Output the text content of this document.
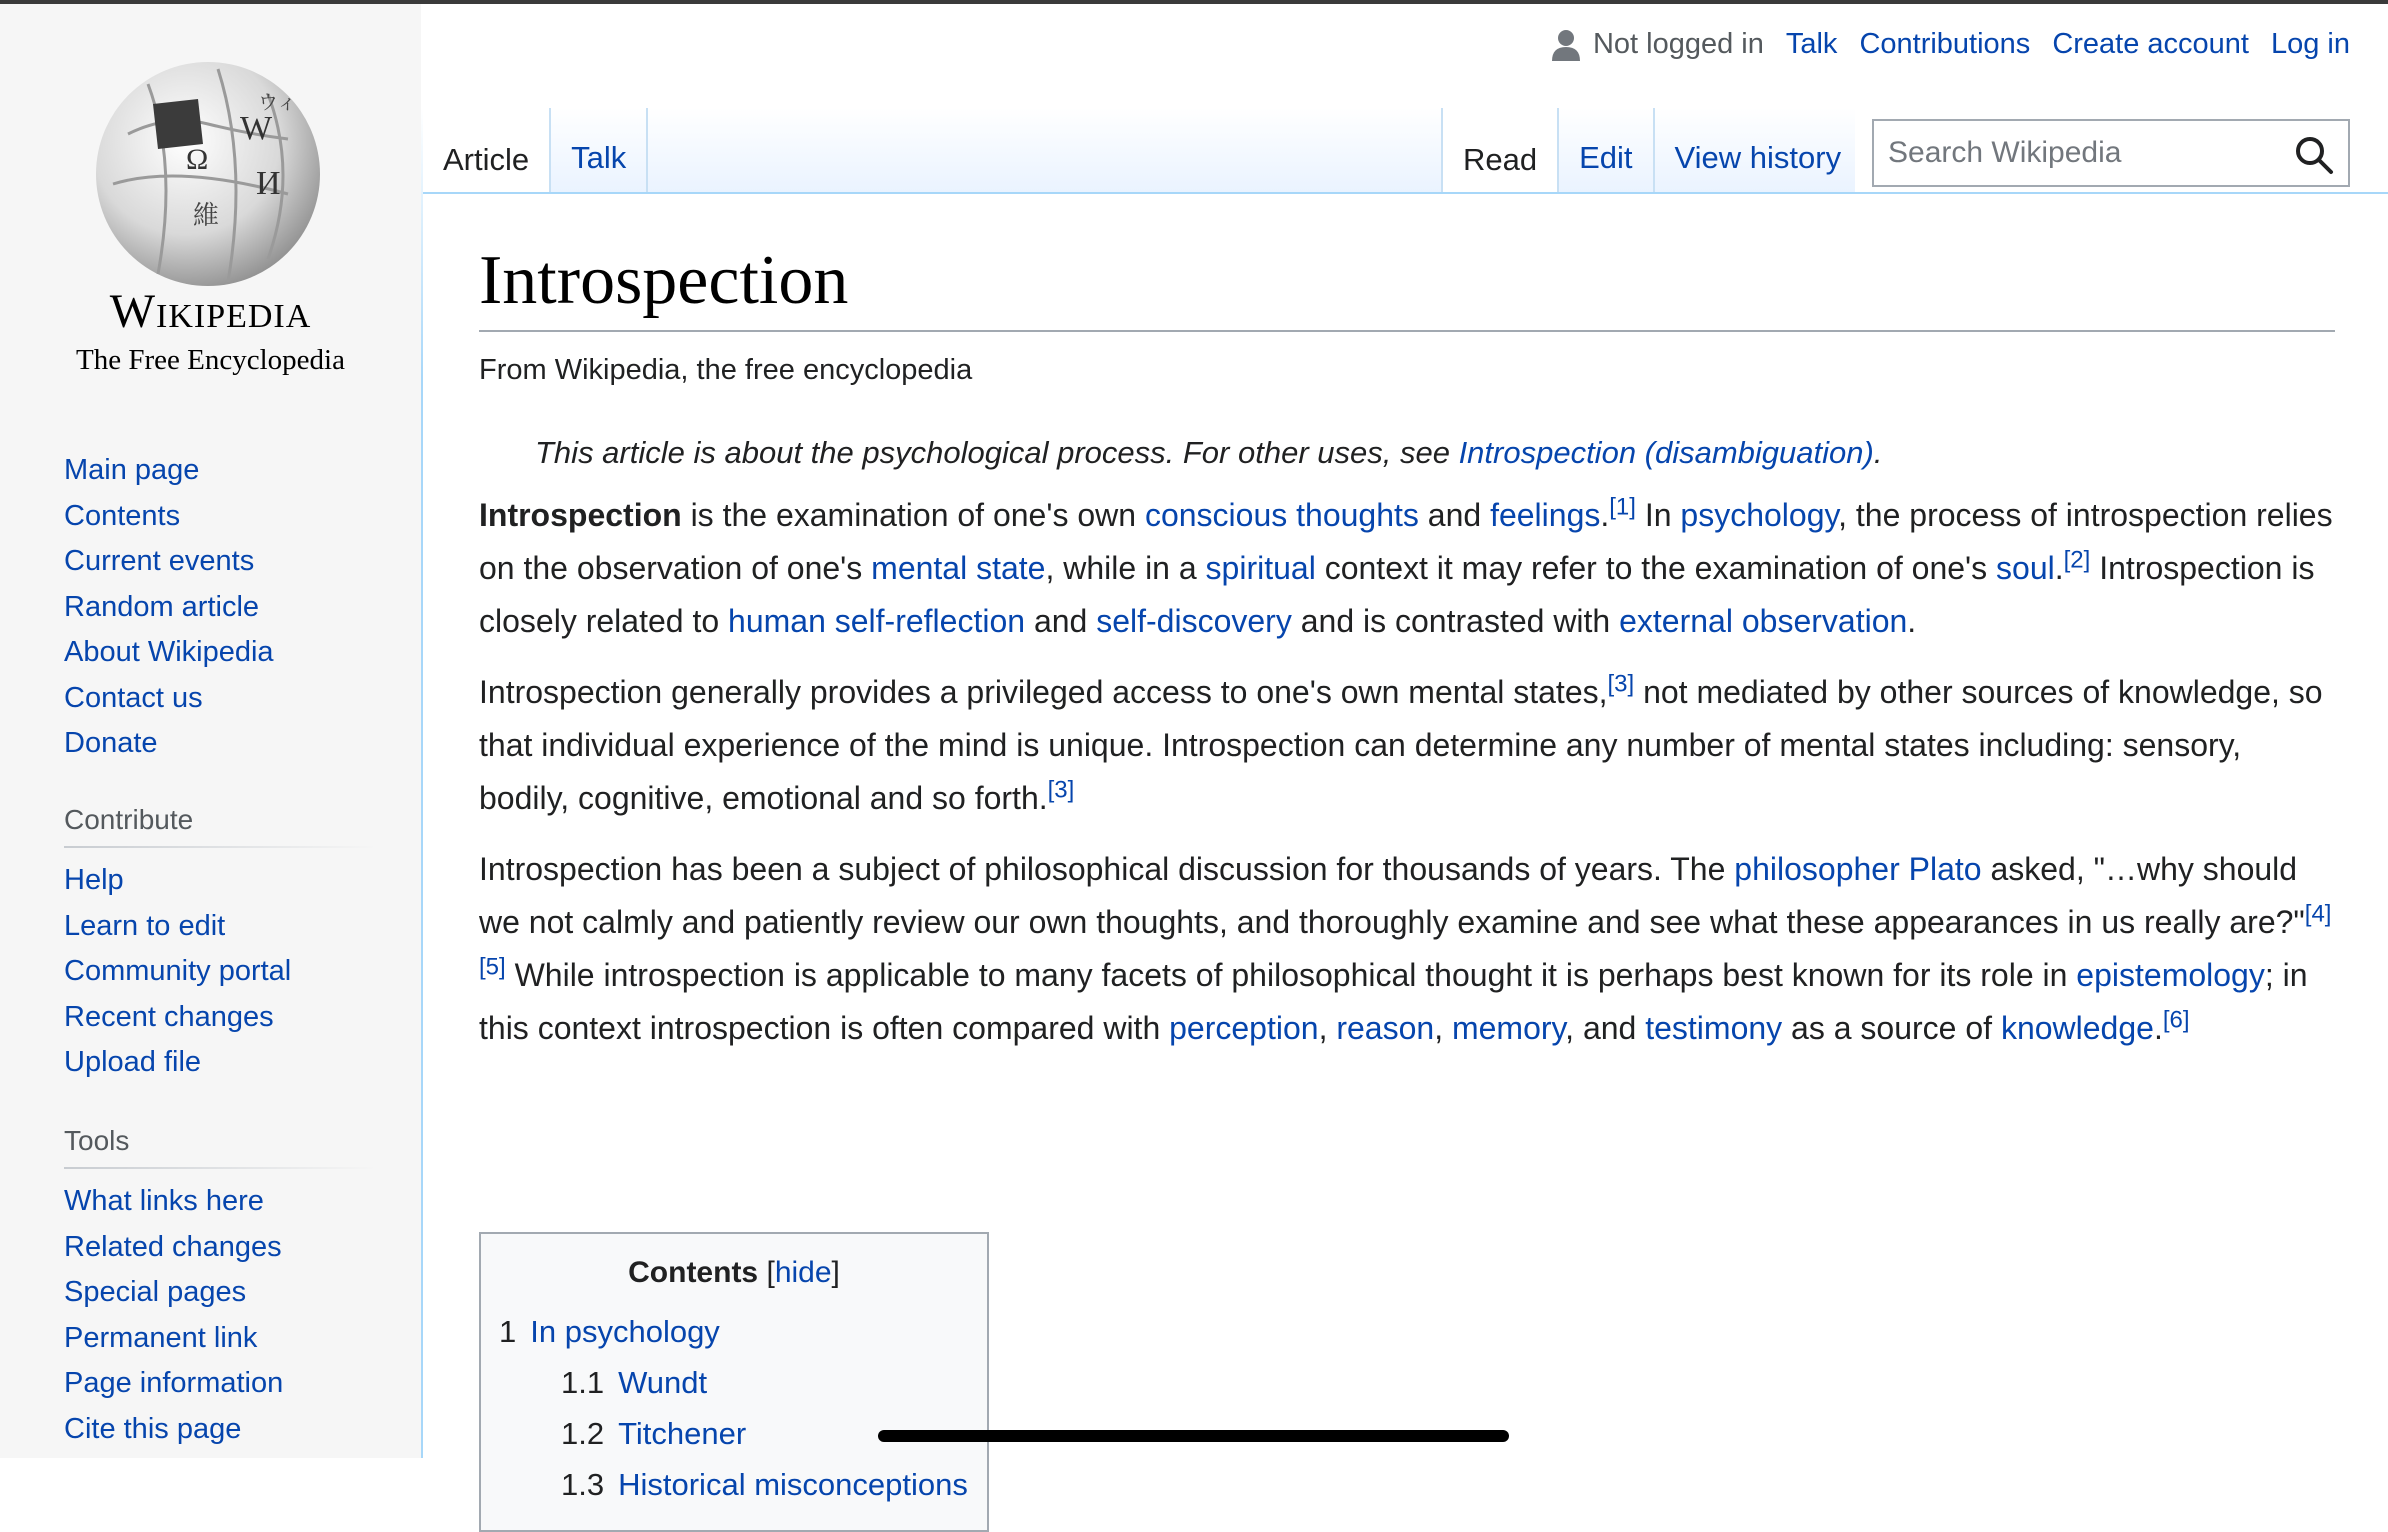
Ω
W
И
維
ウィ
Wikipedia
The Free Encyclopedia
Main page
Contents
Current events
Random article
About Wikipedia
Contact us
Donate
Contribute
Help
Learn to edit
Community portal
Recent changes
Upload file
Tools
What links here
Related changes
Special pages
Permanent link
Page information
Cite this page
Not logged in Talk Contributions Create account Log in
Article Talk	Read Edit View history
Search Wikipedia
Introspection
From Wikipedia, the free encyclopedia
This article is about the psychological process. For other uses, see Introspection (disambiguation).

Introspection is the examination of one's own conscious thoughts and feelings.[1] In psychology, the process of introspection relies on the observation of one's mental state, while in a spiritual context it may refer to the examination of one's soul.[2] Introspection is closely related to human self-reflection and self-discovery and is contrasted with external observation.

Introspection generally provides a privileged access to one's own mental states,[3] not mediated by other sources of knowledge, so that individual experience of the mind is unique. Introspection can determine any number of mental states including: sensory, bodily, cognitive, emotional and so forth.[3]

Introspection has been a subject of philosophical discussion for thousands of years. The philosopher Plato asked, "…why should we not calmly and patiently review our own thoughts, and thoroughly examine and see what these appearances in us really are?"[4][5] While introspection is applicable to many facets of philosophical thought it is perhaps best known for its role in epistemology; in this context introspection is often compared with perception, reason, memory, and testimony as a source of knowledge.[6]

Contents [hide]
1 In psychology
1.1 Wundt
1.2 Titchener
1.3 Historical misconceptions
